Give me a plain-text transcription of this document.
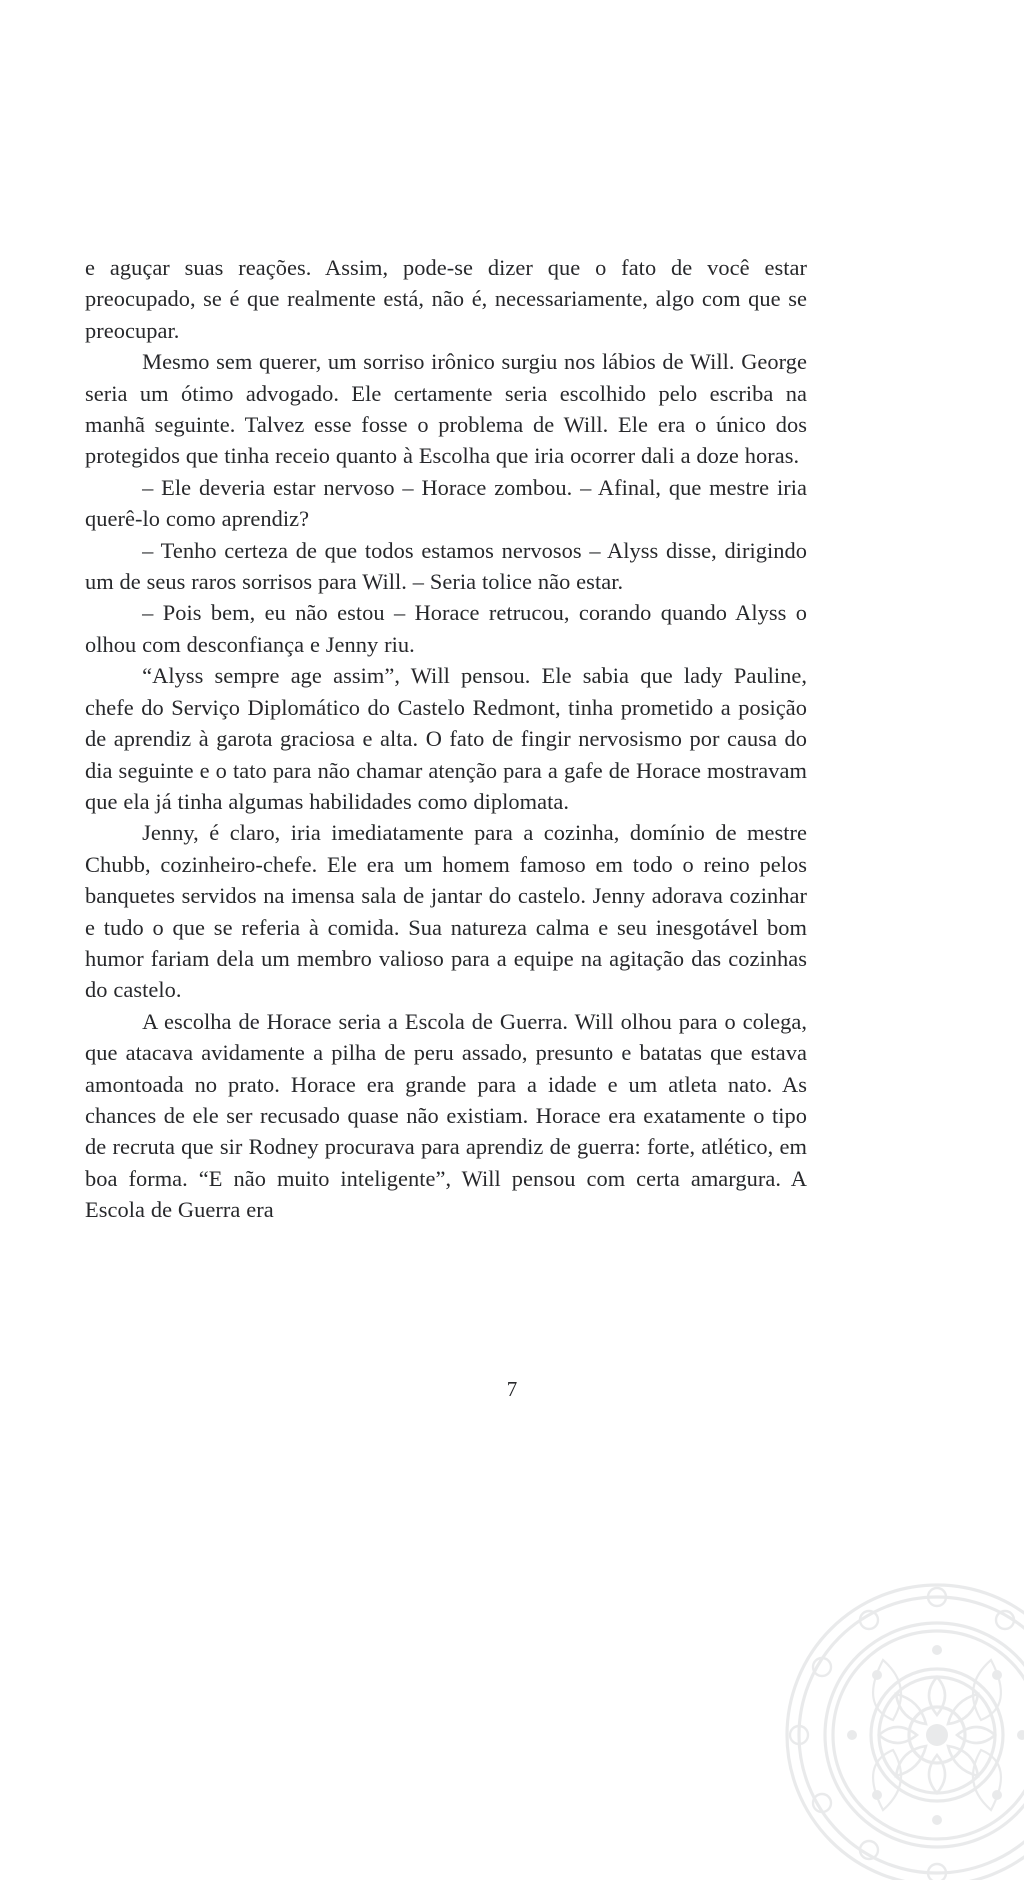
e aguçar suas reações. Assim, pode-se dizer que o fato de você estar preocupado, se é que realmente está, não é, necessariamente, algo com que se preocupar.

Mesmo sem querer, um sorriso irônico surgiu nos lábios de Will. George seria um ótimo advogado. Ele certamente seria escolhido pelo escriba na manhã seguinte. Talvez esse fosse o problema de Will. Ele era o único dos protegidos que tinha receio quanto à Escolha que iria ocorrer dali a doze horas.

– Ele deveria estar nervoso – Horace zombou. – Afinal, que mestre iria querê-lo como aprendiz?

– Tenho certeza de que todos estamos nervosos – Alyss disse, dirigindo um de seus raros sorrisos para Will. – Seria tolice não estar.

– Pois bem, eu não estou – Horace retrucou, corando quando Alyss o olhou com desconfiança e Jenny riu.

“Alyss sempre age assim”, Will pensou. Ele sabia que lady Pauline, chefe do Serviço Diplomático do Castelo Redmont, tinha prometido a posição de aprendiz à garota graciosa e alta. O fato de fingir nervosismo por causa do dia seguinte e o tato para não chamar atenção para a gafe de Horace mostravam que ela já tinha algumas habilidades como diplomata.

Jenny, é claro, iria imediatamente para a cozinha, domínio de mestre Chubb, cozinheiro-chefe. Ele era um homem famoso em todo o reino pelos banquetes servidos na imensa sala de jantar do castelo. Jenny adorava cozinhar e tudo o que se referia à comida. Sua natureza calma e seu inesgotável bom humor fariam dela um membro valioso para a equipe na agitação das cozinhas do castelo.

A escolha de Horace seria a Escola de Guerra. Will olhou para o colega, que atacava avidamente a pilha de peru assado, presunto e batatas que estava amontoada no prato. Horace era grande para a idade e um atleta nato. As chances de ele ser recusado quase não existiam. Horace era exatamente o tipo de recruta que sir Rodney procurava para aprendiz de guerra: forte, atlético, em boa forma. “E não muito inteligente”, Will pensou com certa amargura. A Escola de Guerra era

7
